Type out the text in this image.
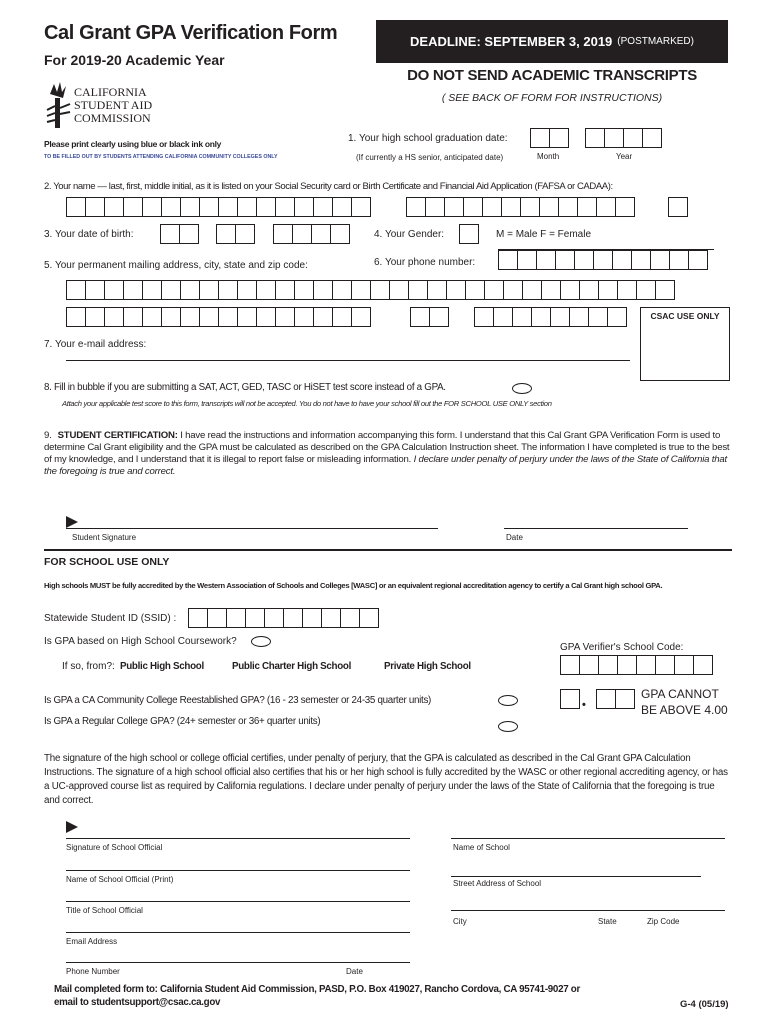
Cal Grant GPA Verification Form
For 2019-20 Academic Year
DEADLINE: SEPTEMBER 3, 2019 (POSTMARKED)
DO NOT SEND ACADEMIC TRANSCRIPTS
( SEE BACK OF FORM FOR INSTRUCTIONS)
CALIFORNIA
STUDENT AID
COMMISSION
Please print clearly using blue or black ink only
TO BE FILLED OUT BY STUDENTS ATTENDING CALIFORNIA COMMUNITY COLLEGES ONLY
1. Your high school graduation date:
(If currently a HS senior, anticipated date)	Month	Year
2. Your name — last, first, middle initial, as it is listed on your Social Security card or Birth Certificate and Financial Aid Application (FAFSA or CADAA):
3. Your date of birth:	4. Your Gender:	M = Male F = Female
5. Your permanent mailing address, city, state and zip code:	6. Your phone number:
CSAC USE ONLY
7. Your e-mail address:
8. Fill in bubble if you are submitting a SAT, ACT, GED, TASC or HiSET test score instead of a GPA.
Attach your applicable test score to this form, transcripts will not be accepted. You do not have to have your school fill out the FOR SCHOOL USE ONLY section
9. STUDENT CERTIFICATION: I have read the instructions and information accompanying this form. I understand that this Cal Grant GPA Verification Form is used to determine Cal Grant eligibility and the GPA must be calculated as described on the GPA Calculation Instruction sheet. The information I have completed is true to the best of my knowledge, and I understand that it is illegal to report false or misleading information. I declare under penalty of perjury under the laws of the State of California that the foregoing is true and correct.
Student Signature	Date
FOR SCHOOL USE ONLY
High schools MUST be fully accredited by the Western Association of Schools and Colleges [WASC] or an equivalent regional accreditation agency to certify a Cal Grant high school GPA.
Statewide Student ID (SSID) :
Is GPA based on High School Coursework?
If so, from?: Public High School	Public Charter High School	Private High School
GPA Verifier's School Code:
Is GPA a CA Community College Reestablished GPA? (16 - 23 semester or 24-35 quarter units)
Is GPA a Regular College GPA? (24+ semester or 36+ quarter units)
•
GPA CANNOT
BE ABOVE 4.00
The signature of the high school or college official certifies, under penalty of perjury, that the GPA is calculated as described in the Cal Grant GPA Calculation Instructions. The signature of a high school official also certifies that his or her high school is fully accredited by the WASC or other regional accrediting agency, or has a UC-approved course list as required by California regulations. I declare under penalty of perjury under the laws of the State of California that the foregoing is true and correct.
Signature of School Official
Name of School Official (Print)
Title of School Official
Email Address
Phone Number	Date
Name of School
Street Address of School
City	State	Zip Code
Mail completed form to: California Student Aid Commission, PASD, P.O. Box 419027, Rancho Cordova, CA 95741-9027 or
email to studentsupport@csac.ca.gov	G-4 (05/19)
